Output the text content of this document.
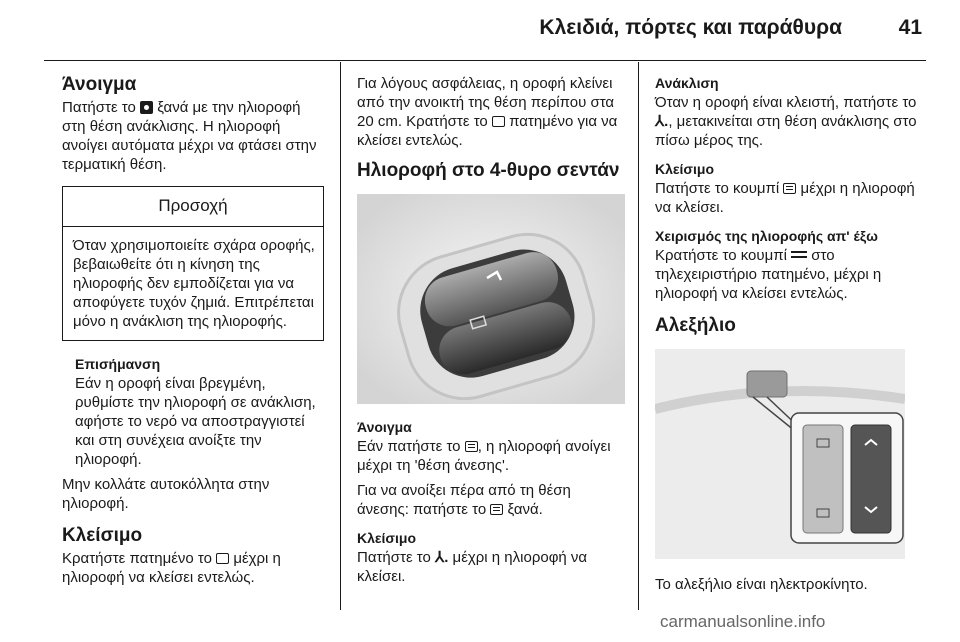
Κλειδιά, πόρτες και παράθυρα	41
Άνοιγμα

Πατήστε το  ξανά με την ηλιοροφή στη θέση ανάκλισης. Η ηλιοροφή ανοίγει αυτόματα μέχρι να φτάσει στην τερματική θέση.

Προσοχή
Όταν χρησιμοποιείτε σχάρα οροφής, βεβαιωθείτε ότι η κίνηση της ηλιοροφής δεν εμποδίζεται για να αποφύγετε τυχόν ζημιά. Επιτρέπεται μόνο η ανάκλιση της ηλιοροφής.
Επισήμανση

Εάν η οροφή είναι βρεγμένη, ρυθμίστε την ηλιοροφή σε ανάκλιση, αφήστε το νερό να αποστραγγιστεί και στη συνέχεια ανοίξτε την ηλιοροφή.

Μην κολλάτε αυτοκόλλητα στην ηλιοροφή.

Κλείσιμο

Κρατήστε πατημένο το  μέχρι η ηλιοροφή να κλείσει εντελώς.

Για λόγους ασφάλειας, η οροφή κλείνει από την ανοικτή της θέση περίπου στα 20 cm. Κρατήστε το  πατημένο για να κλείσει εντελώς.

Ηλιοροφή στο 4-θυρο σεντάν
Άνοιγμα

Εάν πατήστε το , η ηλιοροφή ανοίγει μέχρι τη 'θέση άνεσης'.

Για να ανοίξει πέρα από τη θέση άνεσης: πατήστε το  ξανά.

Κλείσιμο

Πατήστε το ⅄. μέχρι η ηλιοροφή να κλείσει.

Ανάκλιση

Όταν η οροφή είναι κλειστή, πατήστε το ⅄., μετακινείται στη θέση ανάκλισης στο πίσω μέρος της.

Κλείσιμο

Πατήστε το κουμπί  μέχρι η ηλιοροφή να κλείσει.

Χειρισμός της ηλιοροφής απ' έξω

Κρατήστε το κουμπί  στο τηλεχειριστήριο πατημένο, μέχρι η ηλιοροφή να κλείσει εντελώς.

Αλεξήλιο

Το αλεξήλιο είναι ηλεκτροκίνητο.

carmanualsonline.info
